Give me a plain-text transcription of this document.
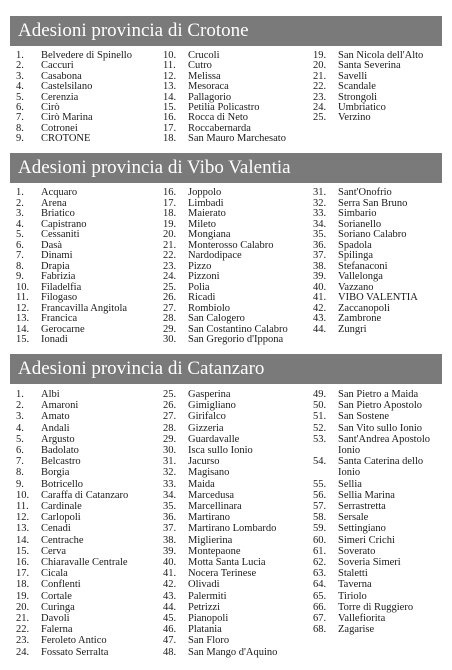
Adesioni provincia di Crotone
1.	Belvedere di Spinello
2.	Caccuri
3.	Casabona
4.	Castelsilano
5.	Cerenzia
6.	Cirò
7.	Cirò Marina
8.	Cotronei
9.	CROTONE
10.	Crucoli
11.	Cutro
12.	Melissa
13.	Mesoraca
14.	Pallagorio
15.	Petilia Policastro
16.	Rocca di Neto
17.	Roccabernarda
18.	San Mauro Marchesato
19.	San Nicola dell'Alto
20.	Santa Severina
21.	Savelli
22.	Scandale
23.	Strongoli
24.	Umbriatico
25.	Verzino
Adesioni provincia di Vibo Valentia
1.	Acquaro
2.	Arena
3.	Briatico
4.	Capistrano
5.	Cessaniti
6.	Dasà
7.	Dinami
8.	Drapia
9.	Fabrizia
10.	Filadelfia
11.	Filogaso
12.	Francavilla Angitola
13.	Francica
14.	Gerocarne
15.	Ionadi
16.	Joppolo
17.	Limbadi
18.	Maierato
19.	Mileto
20.	Mongiana
21.	Monterosso Calabro
22.	Nardodipace
23.	Pizzo
24.	Pizzoni
25.	Polia
26.	Ricadi
27.	Rombiolo
28.	San Calogero
29.	San Costantino Calabro
30.	San Gregorio d'Ippona
31.	Sant'Onofrio
32.	Serra San Bruno
33.	Simbario
34.	Sorianello
35.	Soriano Calabro
36.	Spadola
37.	Spilinga
38.	Stefanaconi
39.	Vallelonga
40.	Vazzano
41.	VIBO VALENTIA
42.	Zaccanopoli
43.	Zambrone
44.	Zungri
Adesioni provincia di Catanzaro
1.	Albi
2.	Amaroni
3.	Amato
4.	Andali
5.	Argusto
6.	Badolato
7.	Belcastro
8.	Borgia
9.	Botricello
10.	Caraffa di Catanzaro
11.	Cardinale
12.	Carlopoli
13.	Cenadi
14.	Centrache
15.	Cerva
16.	Chiaravalle Centrale
17.	Cicala
18.	Conflenti
19.	Cortale
20.	Curinga
21.	Davoli
22.	Falerna
23.	Feroleto Antico
24.	Fossato Serralta
25.	Gasperina
26.	Gimigliano
27.	Girifalco
28.	Gizzeria
29.	Guardavalle
30.	Isca sullo Ionio
31.	Jacurso
32.	Magisano
33.	Maida
34.	Marcedusa
35.	Marcellinara
36.	Martirano
37.	Martirano Lombardo
38.	Miglierina
39.	Montepaone
40.	Motta Santa Lucia
41.	Nocera Terinese
42.	Olivadi
43.	Palermiti
44.	Petrizzi
45.	Pianopoli
46.	Platania
47.	San Floro
48.	San Mango d'Aquino
49.	San Pietro a Maida
50.	San Pietro Apostolo
51.	San Sostene
52.	San Vito sullo Ionio
53.	Sant'Andrea Apostolo
Ionio
54.	Santa Caterina dello
Ionio
55.	Sellia
56.	Sellia Marina
57.	Serrastretta
58.	Sersale
59.	Settingiano
60.	Simeri Crichi
61.	Soverato
62.	Soveria Simeri
63.	Staletti
64.	Taverna
65.	Tiriolo
66.	Torre di Ruggiero
67.	Vallefiorita
68.	Zagarise
